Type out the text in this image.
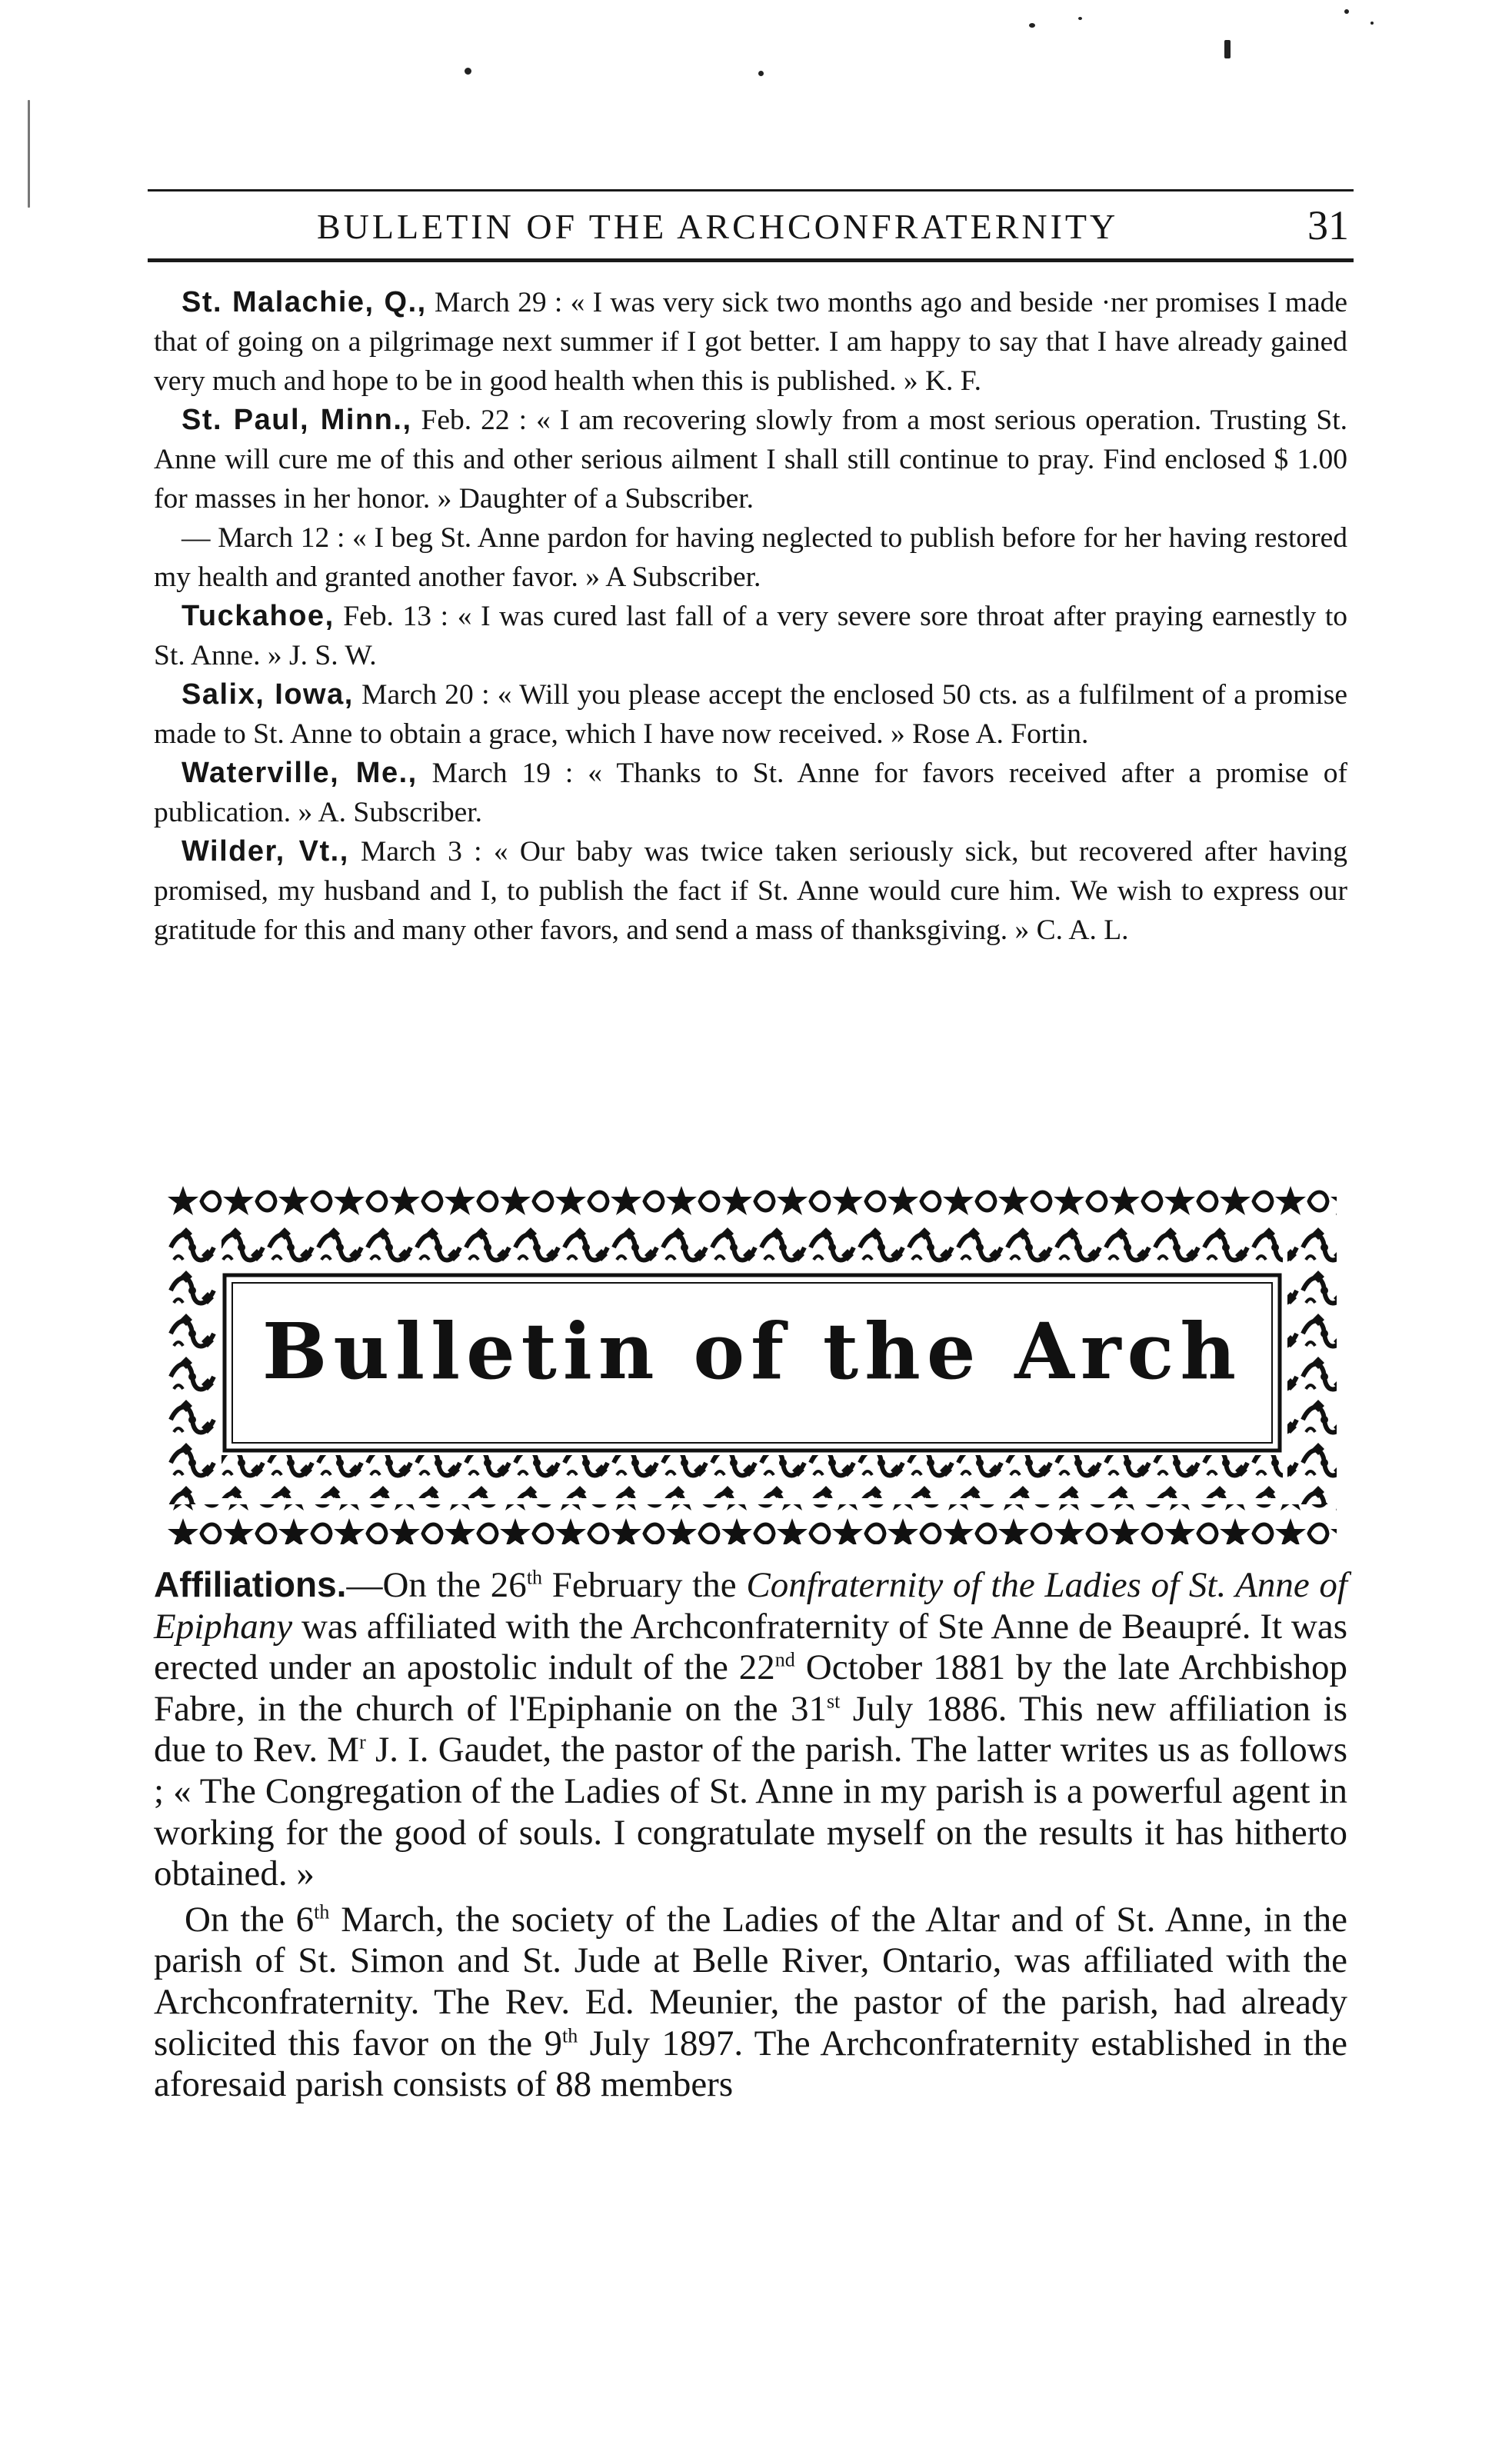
BULLETIN OF THE ARCHCONFRATERNITY	31

St. Malachie, Q., March 29 : « I was very sick two months ago and beside ·ner promises I made that of going on a pilgrimage next summer if I got better. I am happy to say that I have already gained very much and hope to be in good health when this is published. » K. F.

St. Paul, Minn., Feb. 22 : « I am recovering slowly from a most serious operation. Trusting St. Anne will cure me of this and other serious ailment I shall still continue to pray. Find enclosed $ 1.00 for masses in her honor. » Daughter of a Subscriber.

— March 12 : « I beg St. Anne pardon for having neglected to publish before for her having restored my health and granted another favor. » A Subscriber.

Tuckahoe, Feb. 13 : « I was cured last fall of a very severe sore throat after praying earnestly to St. Anne. » J. S. W.

Salix, Iowa, March 20 : « Will you please accept the enclosed 50 cts. as a fulfilment of a promise made to St. Anne to obtain a grace, which I have now received. » Rose A. Fortin.

Waterville, Me., March 19 : « Thanks to St. Anne for favors received after a promise of publication. » A. Subscriber.

Wilder, Vt., March 3 : « Our baby was twice taken seriously sick, but recovered after having promised, my husband and I, to publish the fact if St. Anne would cure him. We wish to express our gratitude for this and many other favors, and send a mass of thanksgiving. » C. A. L.

Bulletin of the Arch

Affiliations.—On the 26th February the Confraternity of the Ladies of St. Anne of Epiphany was affiliated with the Archconfraternity of Ste Anne de Beaupré. It was erected under an apostolic indult of the 22nd October 1881 by the late Archbishop Fabre, in the church of l'Epiphanie on the 31st July 1886. This new affiliation is due to Rev. $M^r$ J. I. Gaudet, the pastor of the parish. The latter writes us as follows ; « The Congregation of the Ladies of St. Anne in my parish is a powerful agent in working for the good of souls. I congratulate myself on the results it has hitherto obtained. »

On the 6th March, the society of the Ladies of the Altar and of St. Anne, in the parish of St. Simon and St. Jude at Belle River, Ontario, was affiliated with the Archconfraternity. The Rev. Ed. Meunier, the pastor of the parish, had already solicited this favor on the 9th July 1897. The Archconfraternity established in the aforesaid parish consists of 88 members
